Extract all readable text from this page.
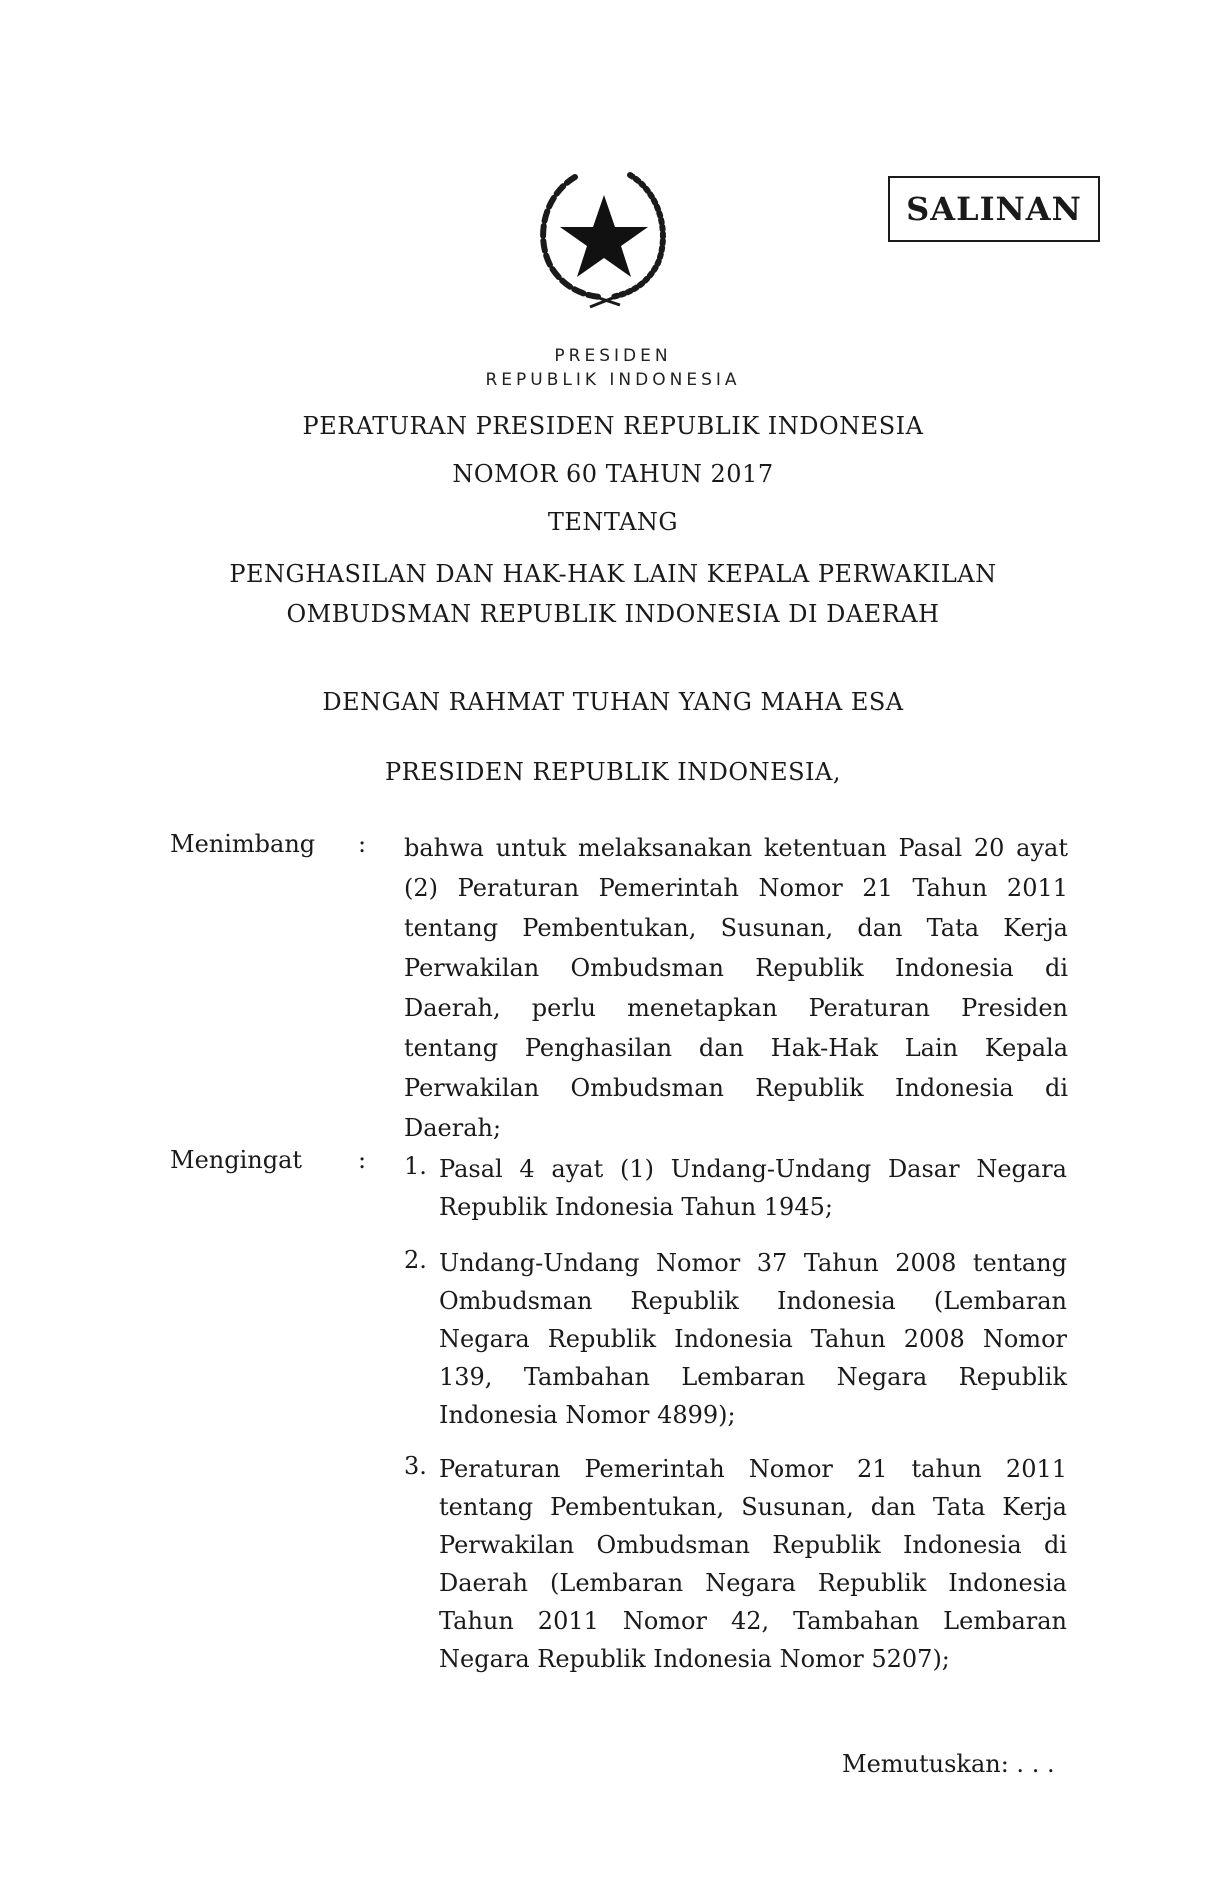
SALINAN
PRESIDEN
REPUBLIK INDONESIA
PERATURAN PRESIDEN REPUBLIK INDONESIA
NOMOR 60 TAHUN 2017
TENTANG
PENGHASILAN DAN HAK-HAK LAIN KEPALA PERWAKILAN
OMBUDSMAN REPUBLIK INDONESIA DI DAERAH
DENGAN RAHMAT TUHAN YANG MAHA ESA
PRESIDEN REPUBLIK INDONESIA,
Menimbang : bahwa untuk melaksanakan ketentuan Pasal 20 ayat (2) Peraturan Pemerintah Nomor 21 Tahun 2011 tentang Pembentukan, Susunan, dan Tata Kerja Perwakilan Ombudsman Republik Indonesia di Daerah, perlu menetapkan Peraturan Presiden tentang Penghasilan dan Hak-Hak Lain Kepala Perwakilan Ombudsman Republik Indonesia di Daerah;
Mengingat : 1. Pasal 4 ayat (1) Undang-Undang Dasar Negara Republik Indonesia Tahun 1945;
2. Undang-Undang Nomor 37 Tahun 2008 tentang Ombudsman Republik Indonesia (Lembaran Negara Republik Indonesia Tahun 2008 Nomor 139, Tambahan Lembaran Negara Republik Indonesia Nomor 4899);
3. Peraturan Pemerintah Nomor 21 tahun 2011 tentang Pembentukan, Susunan, dan Tata Kerja Perwakilan Ombudsman Republik Indonesia di Daerah (Lembaran Negara Republik Indonesia Tahun 2011 Nomor 42, Tambahan Lembaran Negara Republik Indonesia Nomor 5207);
Memutuskan: . . .
